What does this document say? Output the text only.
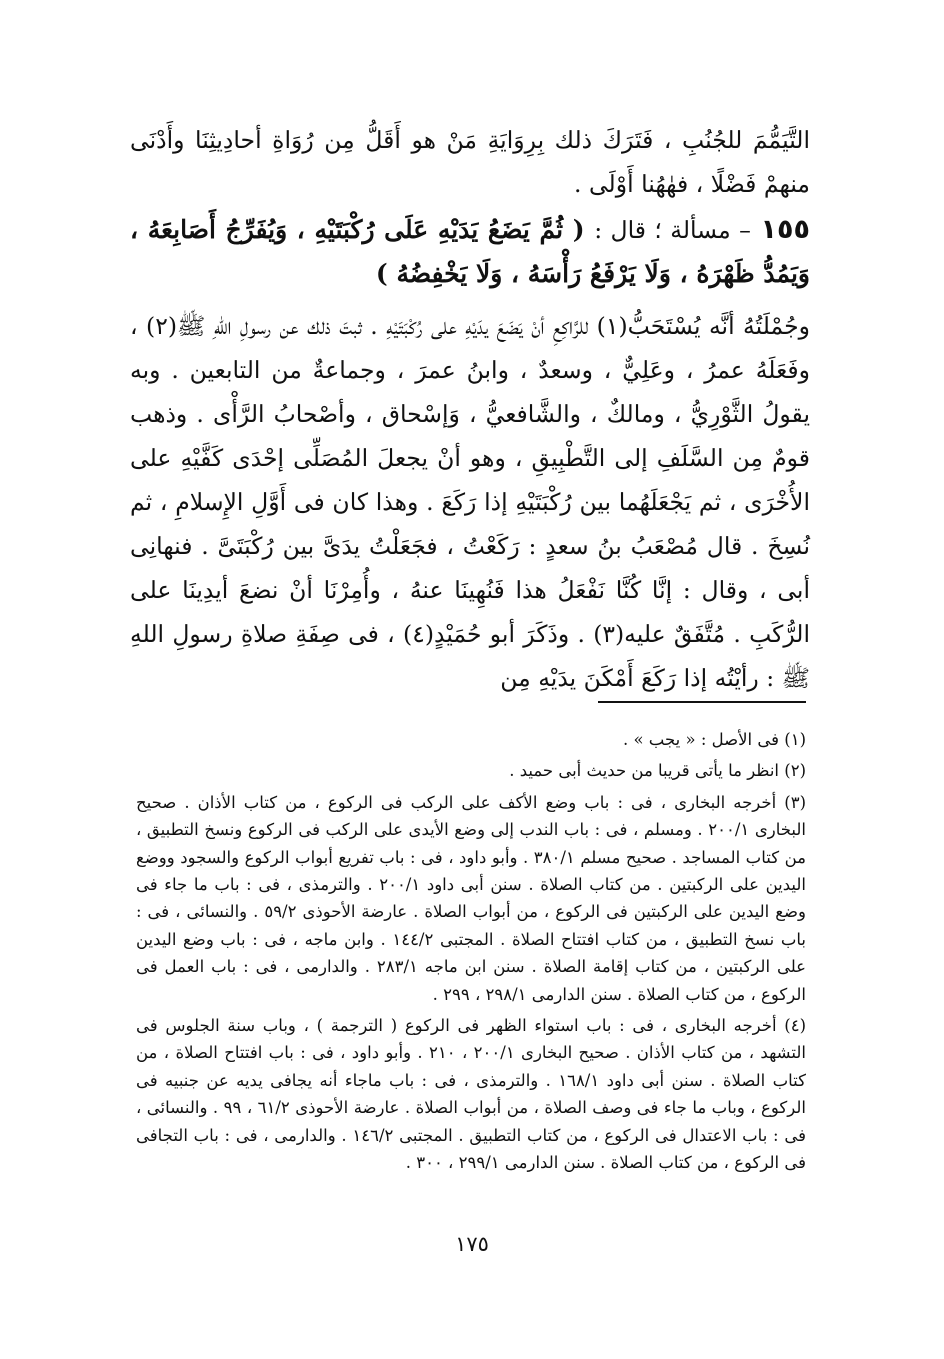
التَّيَمُّمَ للجُنُبِ ، فَتَرَكَ ذلك بِرِوَايَةِ مَنْ هو أَقَلُّ مِن رُوَاةِ أحادِيثِنَا وأَدْنَى منهمْ فَضْلًا ، فهٰهُنا أَوْلَى .

١٥٥ – مسألة ؛ قال : ( ثُمَّ يَضَعُ يَدَيْهِ عَلَى رُكْبَتَيْهِ ، وَيُفَرِّجُ أَصَابِعَهُ ، وَيَمُدُّ ظَهْرَهُ ، وَلَا يَرْفَعُ رَأْسَهُ ، وَلَا يَخْفِضُهُ )

وجُمْلَتُهُ أنَّه يُسْتَحَبُّ(١) للرَّاكِعِ أنْ يَضَعَ يدَيْهِ على رُكْبَتَيْهِ . ثبتَ ذلك عن رسولِ اللهِ ﷺ(٢) ، وفَعَلَهُ عمرُ ، وعَلِيٌّ ، وسعدٌ ، وابنُ عمرَ ، وجماعةٌ من التابعين . وبه يقولُ الثَّوْرِيُّ ، ومالكٌ ، والشَّافعيُّ ، وَإسْحاق ، وأصْحابُ الرَّأْى . وذهب قومٌ مِن السَّلَفِ إلى التَّطْبِيقِ ، وهو أنْ يجعلَ المُصَلِّى إحْدَى كَفَّيْهِ على الأُخْرَى ، ثم يَجْعَلَهُما بين رُكْبَتَيْهِ إذا رَكَعَ . وهذا كان فى أَوَّلِ الإِسلامِ ، ثم نُسِخَ . قال مُصْعَبُ بنُ سعدٍ : رَكَعْتُ ، فجَعَلْتُ يدَىَّ بين رُكْبَتَىَّ . فنهانِى أبى ، وقال : إنَّا كُنَّا نَفْعَلُ هذا فَنُهِينَا عنهُ ، وأُمِرْنَا أنْ نضعَ أيدِينَا على الرُّكَبِ . مُتَّفَقٌ عليه(٣) . وذَكَرَ أبو حُمَيْدٍ(٤) ، فى صِفَةِ صلاةِ رسولِ اللهِ ﷺ : رأيْتُه إذا رَكَعَ أَمْكَنَ يدَيْهِ مِن

(١) فى الأصل : « يجب » .

(٢) انظر ما يأتى قريبا من حديث أبى حميد .

(٣) أخرجه البخارى ، فى : باب وضع الأكف على الركب فى الركوع ، من كتاب الأذان . صحيح البخارى ٢٠٠/١ . ومسلم ، فى : باب الندب إلى وضع الأيدى على الركب فى الركوع ونسخ التطبيق ، من كتاب المساجد . صحيح مسلم ٣٨٠/١ . وأبو داود ، فى : باب تفريع أبواب الركوع والسجود ووضع اليدين على الركبتين . من كتاب الصلاة . سنن أبى داود ٢٠٠/١ . والترمذى ، فى : باب ما جاء فى وضع اليدين على الركبتين فى الركوع ، من أبواب الصلاة . عارضة الأحوذى ٥٩/٢ . والنسائى ، فى : باب نسخ التطبيق ، من كتاب افتتاح الصلاة . المجتبى ١٤٤/٢ . وابن ماجه ، فى : باب وضع اليدين على الركبتين ، من كتاب إقامة الصلاة . سنن ابن ماجه ٢٨٣/١ . والدارمى ، فى : باب العمل فى الركوع ، من كتاب الصلاة . سنن الدارمى ٢٩٨/١ ، ٢٩٩ .

(٤) أخرجه البخارى ، فى : باب استواء الظهر فى الركوع ( الترجمة ) ، وباب سنة الجلوس فى التشهد ، من كتاب الأذان . صحيح البخارى ٢٠٠/١ ، ٢١٠ . وأبو داود ، فى : باب افتتاح الصلاة ، من كتاب الصلاة . سنن أبى داود ١٦٨/١ . والترمذى ، فى : باب ماجاء أنه يجافى يديه عن جنبيه فى الركوع ، وباب ما جاء فى وصف الصلاة ، من أبواب الصلاة . عارضة الأحوذى ٦١/٢ ، ٩٩ . والنسائى ، فى : باب الاعتدال فى الركوع ، من كتاب التطبيق . المجتبى ١٤٦/٢ . والدارمى ، فى : باب التجافى فى الركوع ، من كتاب الصلاة . سنن الدارمى ٢٩٩/١ ، ٣٠٠ .

١٧٥
